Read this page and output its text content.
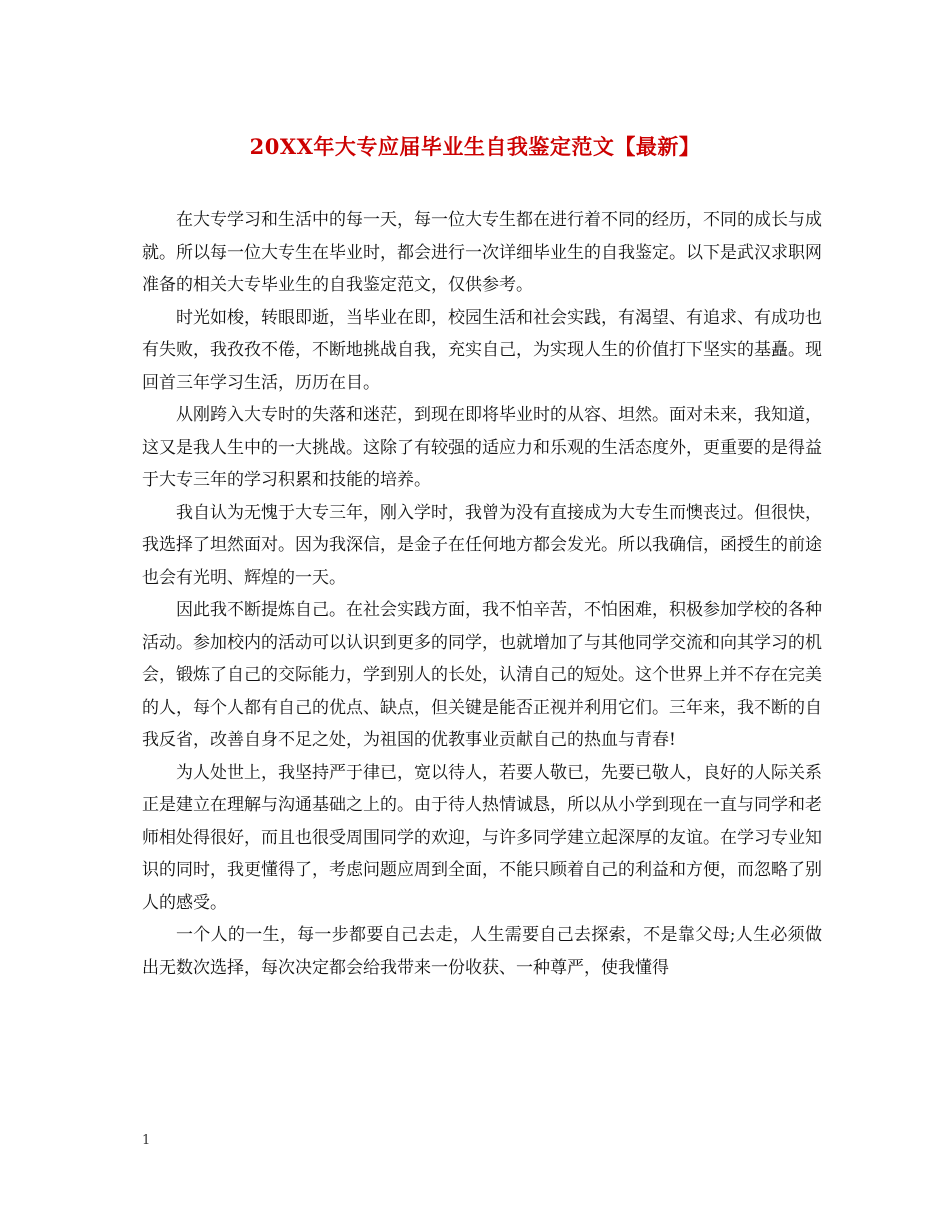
20XX年大专应届毕业生自我鉴定范文【最新】

在大专学习和生活中的每一天，每一位大专生都在进行着不同的经历，不同的成长与成就。所以每一位大专生在毕业时，都会进行一次详细毕业生的自我鉴定。以下是武汉求职网准备的相关大专毕业生的自我鉴定范文，仅供参考。

时光如梭，转眼即逝，当毕业在即，校园生活和社会实践，有渴望、有追求、有成功也有失败，我孜孜不倦，不断地挑战自我，充实自己，为实现人生的价值打下坚实的基矗。现回首三年学习生活，历历在目。

从刚跨入大专时的失落和迷茫，到现在即将毕业时的从容、坦然。面对未来，我知道，这又是我人生中的一大挑战。这除了有较强的适应力和乐观的生活态度外，更重要的是得益于大专三年的学习积累和技能的培养。

我自认为无愧于大专三年，刚入学时，我曾为没有直接成为大专生而懊丧过。但很快，我选择了坦然面对。因为我深信，是金子在任何地方都会发光。所以我确信，函授生的前途也会有光明、辉煌的一天。

因此我不断提炼自己。在社会实践方面，我不怕辛苦，不怕困难，积极参加学校的各种活动。参加校内的活动可以认识到更多的同学，也就增加了与其他同学交流和向其学习的机会，锻炼了自己的交际能力，学到别人的长处，认清自己的短处。这个世界上并不存在完美的人，每个人都有自己的优点、缺点，但关键是能否正视并利用它们。三年来，我不断的自我反省，改善自身不足之处，为祖国的优教事业贡献自己的热血与青春!

为人处世上，我坚持严于律已，宽以待人，若要人敬已，先要已敬人，良好的人际关系正是建立在理解与沟通基础之上的。由于待人热情诚恳，所以从小学到现在一直与同学和老师相处得很好，而且也很受周围同学的欢迎，与许多同学建立起深厚的友谊。在学习专业知识的同时，我更懂得了，考虑问题应周到全面，不能只顾着自己的利益和方便，而忽略了别人的感受。

一个人的一生，每一步都要自己去走，人生需要自己去探索，不是靠父母;人生必须做出无数次选择，每次决定都会给我带来一份收获、一种尊严，使我懂得

1
